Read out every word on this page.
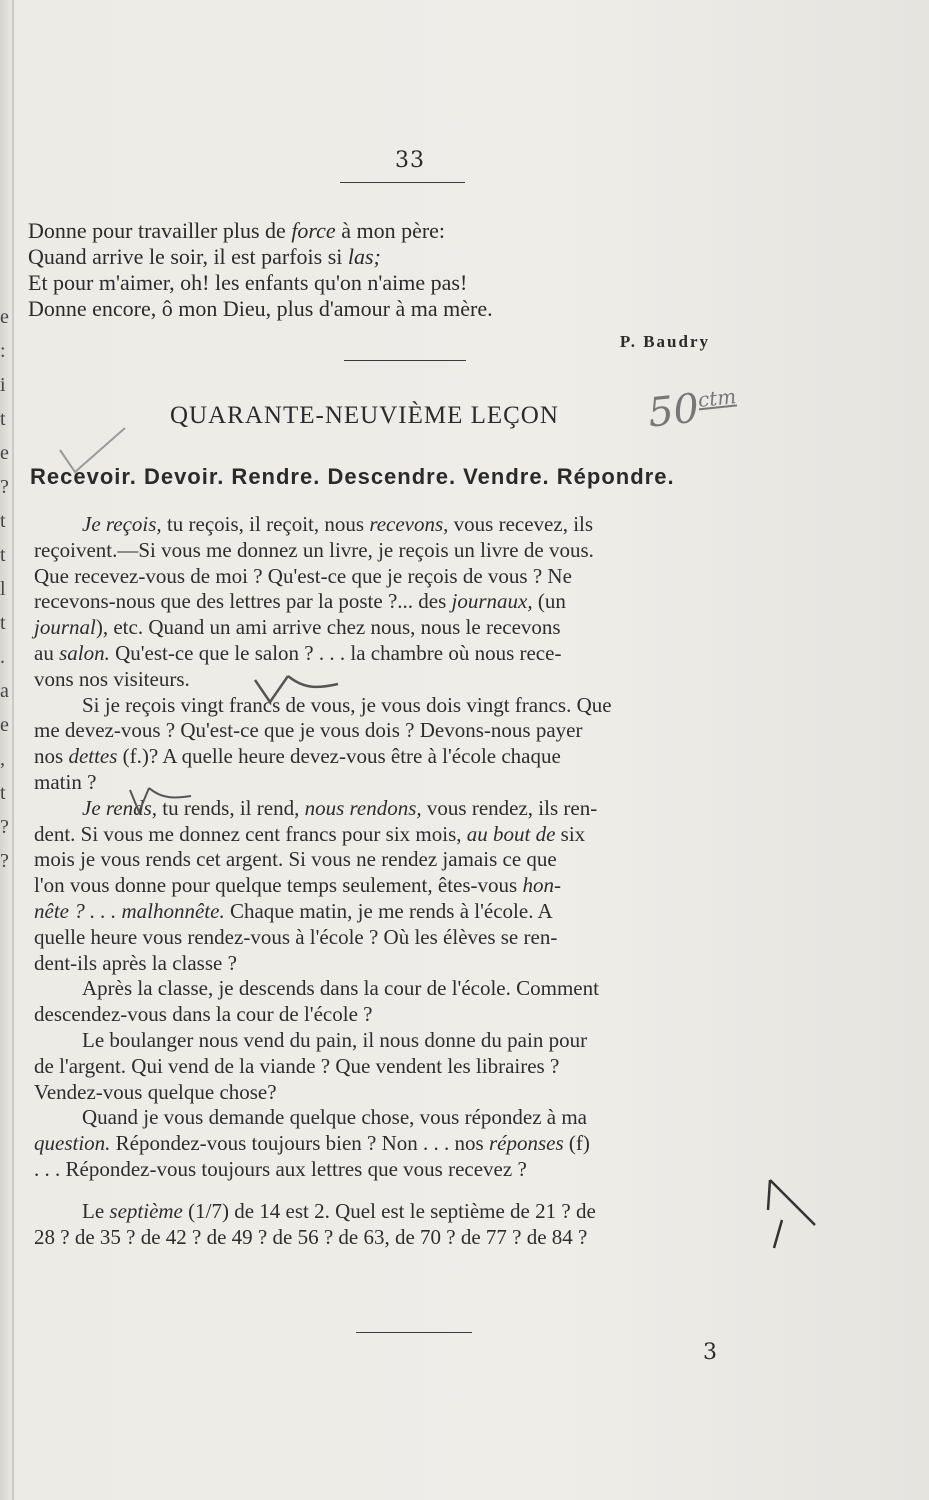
e
:
i
t
e
?
t
t
l
t
.
a
e
,
t
?
?
33
Donne pour travailler plus de force à mon père:
Quand arrive le soir, il est parfois si las;
Et pour m'aimer, oh! les enfants qu'on n'aime pas!
Donne encore, ô mon Dieu, plus d'amour à ma mère.
P. Baudry
QUARANTE-NEUVIÈME LEÇON	$50^{ctm}$
Recevoir. Devoir. Rendre. Descendre. Vendre. Répondre.
Je reçois, tu reçois, il reçoit, nous recevons, vous recevez, ils
reçoivent.—Si vous me donnez un livre, je reçois un livre de vous.
Que recevez-vous de moi ? Qu'est-ce que je reçois de vous ? Ne
recevons-nous que des lettres par la poste ?... des journaux, (un
journal), etc. Quand un ami arrive chez nous, nous le recevons
au salon. Qu'est-ce que le salon ? . . . la chambre où nous rece-
vons nos visiteurs.
Si je reçois vingt francs de vous, je vous dois vingt francs. Que
me devez-vous ? Qu'est-ce que je vous dois ? Devons-nous payer
nos dettes (f.)? A quelle heure devez-vous être à l'école chaque
matin ?
Je rends, tu rends, il rend, nous rendons, vous rendez, ils ren-
dent. Si vous me donnez cent francs pour six mois, au bout de six
mois je vous rends cet argent. Si vous ne rendez jamais ce que
l'on vous donne pour quelque temps seulement, êtes-vous hon-
nête ? . . . malhonnête. Chaque matin, je me rends à l'école. A
quelle heure vous rendez-vous à l'école ? Où les élèves se ren-
dent-ils après la classe ?
Après la classe, je descends dans la cour de l'école. Comment
descendez-vous dans la cour de l'école ?
Le boulanger nous vend du pain, il nous donne du pain pour
de l'argent. Qui vend de la viande ? Que vendent les libraires ?
Vendez-vous quelque chose?
Quand je vous demande quelque chose, vous répondez à ma
question. Répondez-vous toujours bien ? Non . . . nos réponses (f)
. . . Répondez-vous toujours aux lettres que vous recevez ?
Le septième (1/7) de 14 est 2. Quel est le septième de 21 ? de
28 ? de 35 ? de 42 ? de 49 ? de 56 ? de 63, de 70 ? de 77 ? de 84 ?
3
